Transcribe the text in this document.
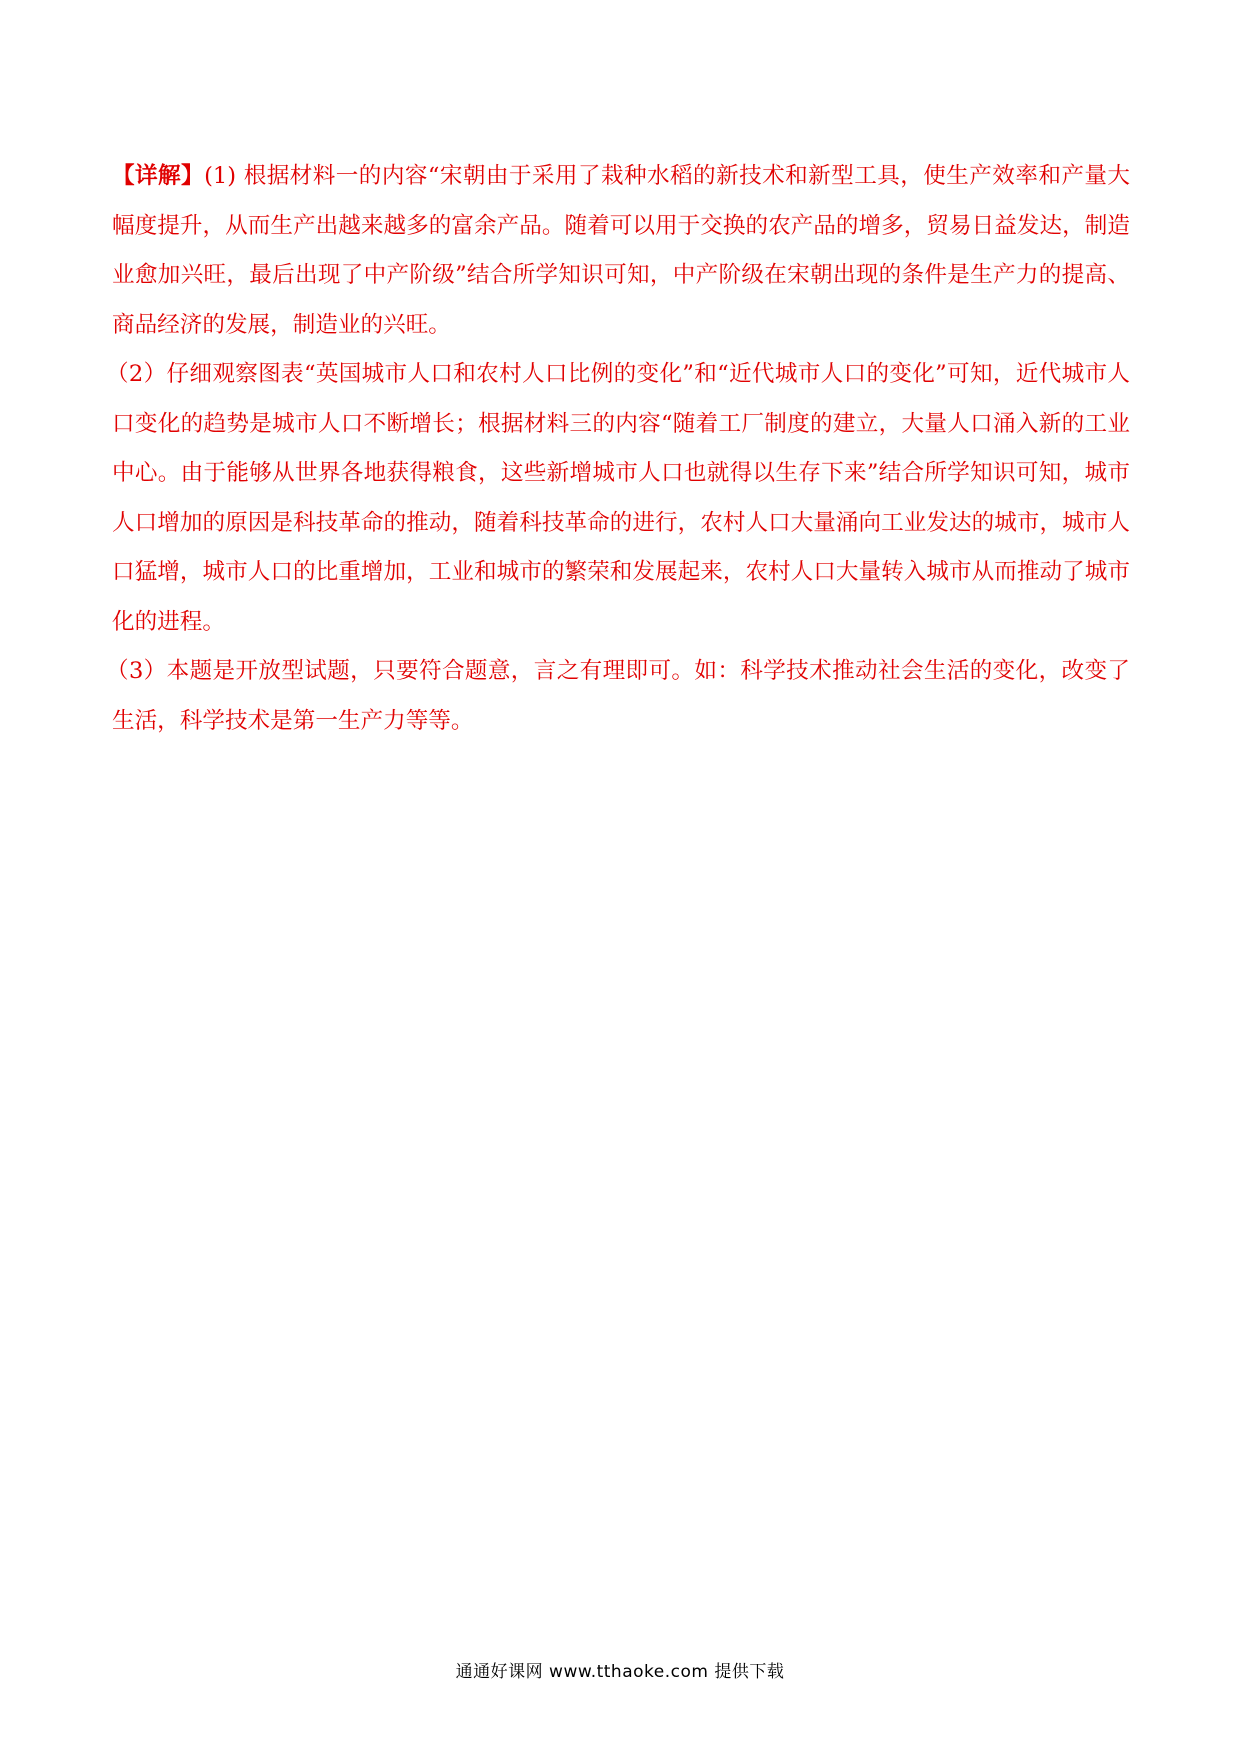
【详解】(1) 根据材料一的内容“宋朝由于采用了栽种水稻的新技术和新型工具，使生产效率和产量大幅度提升，从而生产出越来越多的富余产品。随着可以用于交换的农产品的增多，贸易日益发达，制造业愈加兴旺，最后出现了中产阶级”结合所学知识可知，中产阶级在宋朝出现的条件是生产力的提高、商品经济的发展，制造业的兴旺。

（2）仔细观察图表“英国城市人口和农村人口比例的变化”和“近代城市人口的变化”可知，近代城市人口变化的趋势是城市人口不断增长；根据材料三的内容“随着工厂制度的建立，大量人口涌入新的工业中心。由于能够从世界各地获得粮食，这些新增城市人口也就得以生存下来”结合所学知识可知，城市人口增加的原因是科技革命的推动，随着科技革命的进行，农村人口大量涌向工业发达的城市，城市人口猛增，城市人口的比重增加，工业和城市的繁荣和发展起来，农村人口大量转入城市从而推动了城市化的进程。

（3）本题是开放型试题，只要符合题意，言之有理即可。如：科学技术推动社会生活的变化，改变了生活，科学技术是第一生产力等等。

通通好课网 www.tthaoke.com 提供下载
